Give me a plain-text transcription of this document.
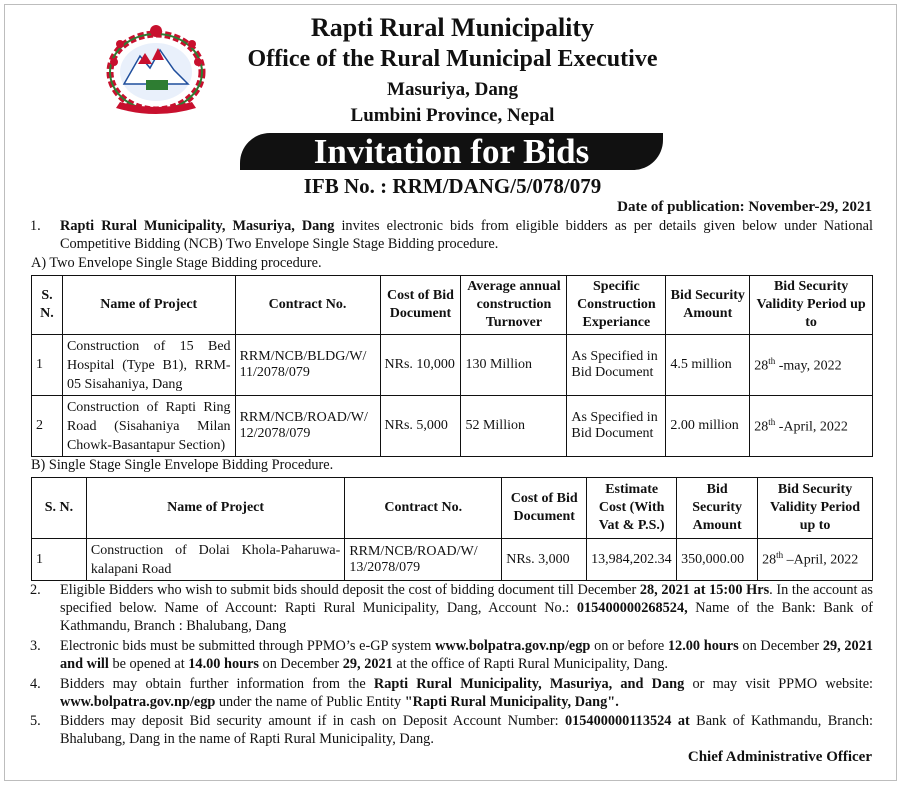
Rapti Rural Municipality
Office of the Rural Municipal Executive
Masuriya, Dang
Lumbini Province, Nepal
Invitation for Bids
IFB No. : RRM/DANG/5/078/079
Date of publication: November-29, 2021
1. Rapti Rural Municipality, Masuriya, Dang invites electronic bids from eligible bidders as per details given below under National Competitive Bidding (NCB) Two Envelope Single Stage Bidding procedure.
A) Two Envelope Single Stage Bidding procedure.
S. N.	Name of Project	Contract No.	Cost of Bid Document	Average annual construction Turnover	Specific Construction Experiance	Bid Security Amount	Bid Security Validity Period up to
1	Construction of 15 Bed Hospital (Type B1), RRM-05 Sisahaniya, Dang	RRM/NCB/BLDG/W/ 11/2078/079	NRs. 10,000	130 Million	As Specified in Bid Document	4.5 million	28th -may, 2022
2	Construction of Rapti Ring Road (Sisahaniya Milan Chowk-Basantapur Section)	RRM/NCB/ROAD/W/ 12/2078/079	NRs. 5,000	52 Million	As Specified in Bid Document	2.00 million	28th -April, 2022
B) Single Stage Single Envelope Bidding Procedure.
S. N.	Name of Project	Contract No.	Cost of Bid Document	Estimate Cost (With Vat & P.S.)	Bid Security Amount	Bid Security Validity Period up to
1	Construction of Dolai Khola-Paharuwa- kalapani Road	RRM/NCB/ROAD/W/ 13/2078/079	NRs. 3,000	13,984,202.34	350,000.00	28th –April, 2022
2. Eligible Bidders who wish to submit bids should deposit the cost of bidding document till December 28, 2021 at 15:00 Hrs. In the account as specified below. Name of Account: Rapti Rural Municipality, Dang, Account No.: 015400000268524, Name of the Bank: Bank of Kathmandu, Branch : Bhalubang, Dang
3. Electronic bids must be submitted through PPMO’s e-GP system www.bolpatra.gov.np/egp on or before 12.00 hours on December 29, 2021 and will be opened at 14.00 hours on December 29, 2021 at the office of Rapti Rural Municipality, Dang.
4. Bidders may obtain further information from the Rapti Rural Municipality, Masuriya, and Dang or may visit PPMO website: www.bolpatra.gov.np/egp under the name of Public Entity "Rapti Rural Municipality, Dang".
5. Bidders may deposit Bid security amount if in cash on Deposit Account Number: 015400000113524 at Bank of Kathmandu, Branch: Bhalubang, Dang in the name of Rapti Rural Municipality, Dang.
Chief Administrative Officer
